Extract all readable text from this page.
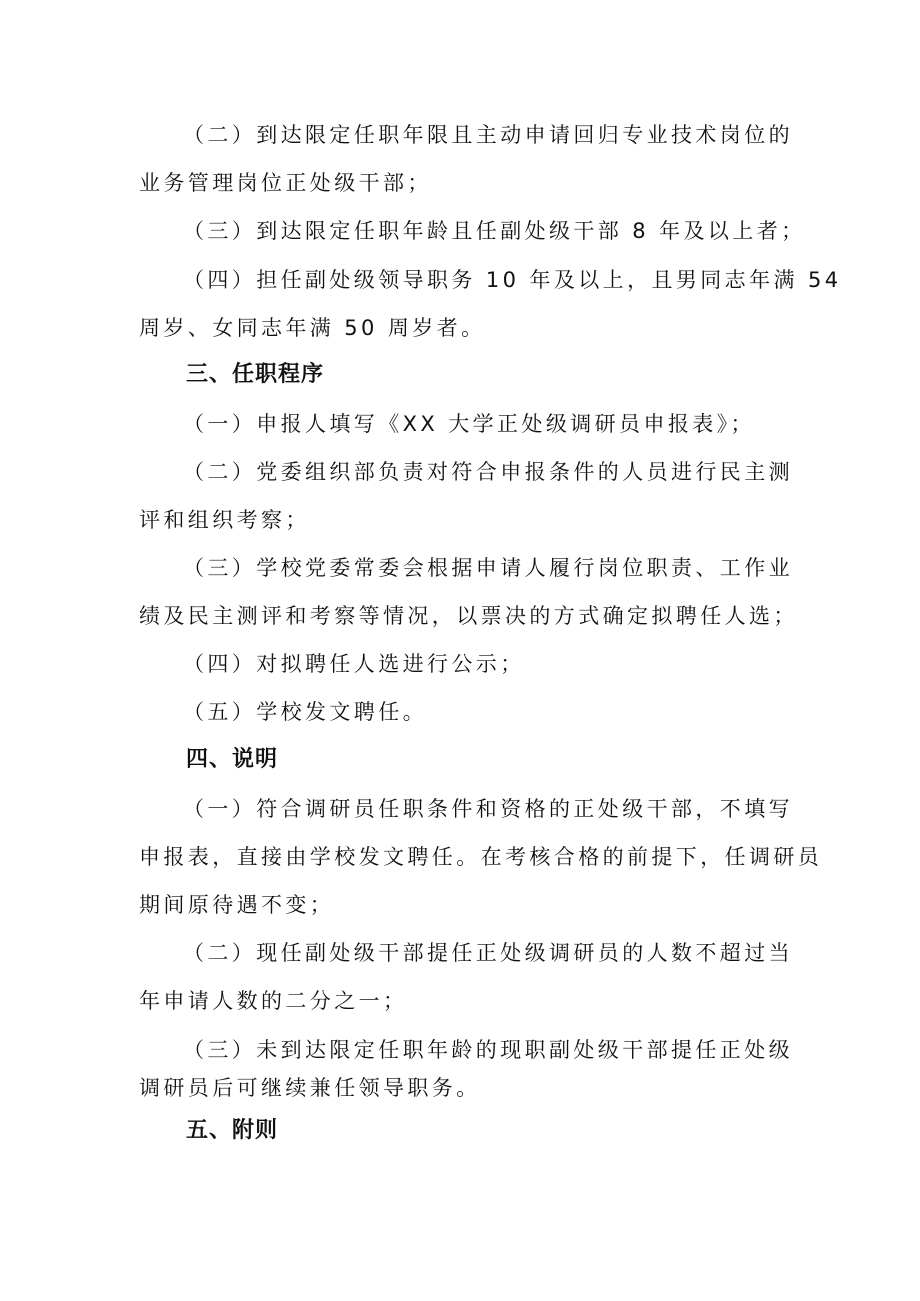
（二）到达限定任职年限且主动申请回归专业技术岗位的
业务管理岗位正处级干部；
（三）到达限定任职年龄且任副处级干部 8 年及以上者；
（四）担任副处级领导职务 10 年及以上，且男同志年满 54
周岁、女同志年满 50 周岁者。
三、任职程序
（一）申报人填写《XX 大学正处级调研员申报表》；
（二）党委组织部负责对符合申报条件的人员进行民主测
评和组织考察；
（三）学校党委常委会根据申请人履行岗位职责、工作业
绩及民主测评和考察等情况，以票决的方式确定拟聘任人选；
（四）对拟聘任人选进行公示；
（五）学校发文聘任。
四、说明
（一）符合调研员任职条件和资格的正处级干部，不填写
申报表，直接由学校发文聘任。在考核合格的前提下，任调研员
期间原待遇不变；
（二）现任副处级干部提任正处级调研员的人数不超过当
年申请人数的二分之一；
（三）未到达限定任职年龄的现职副处级干部提任正处级
调研员后可继续兼任领导职务。
五、附则
